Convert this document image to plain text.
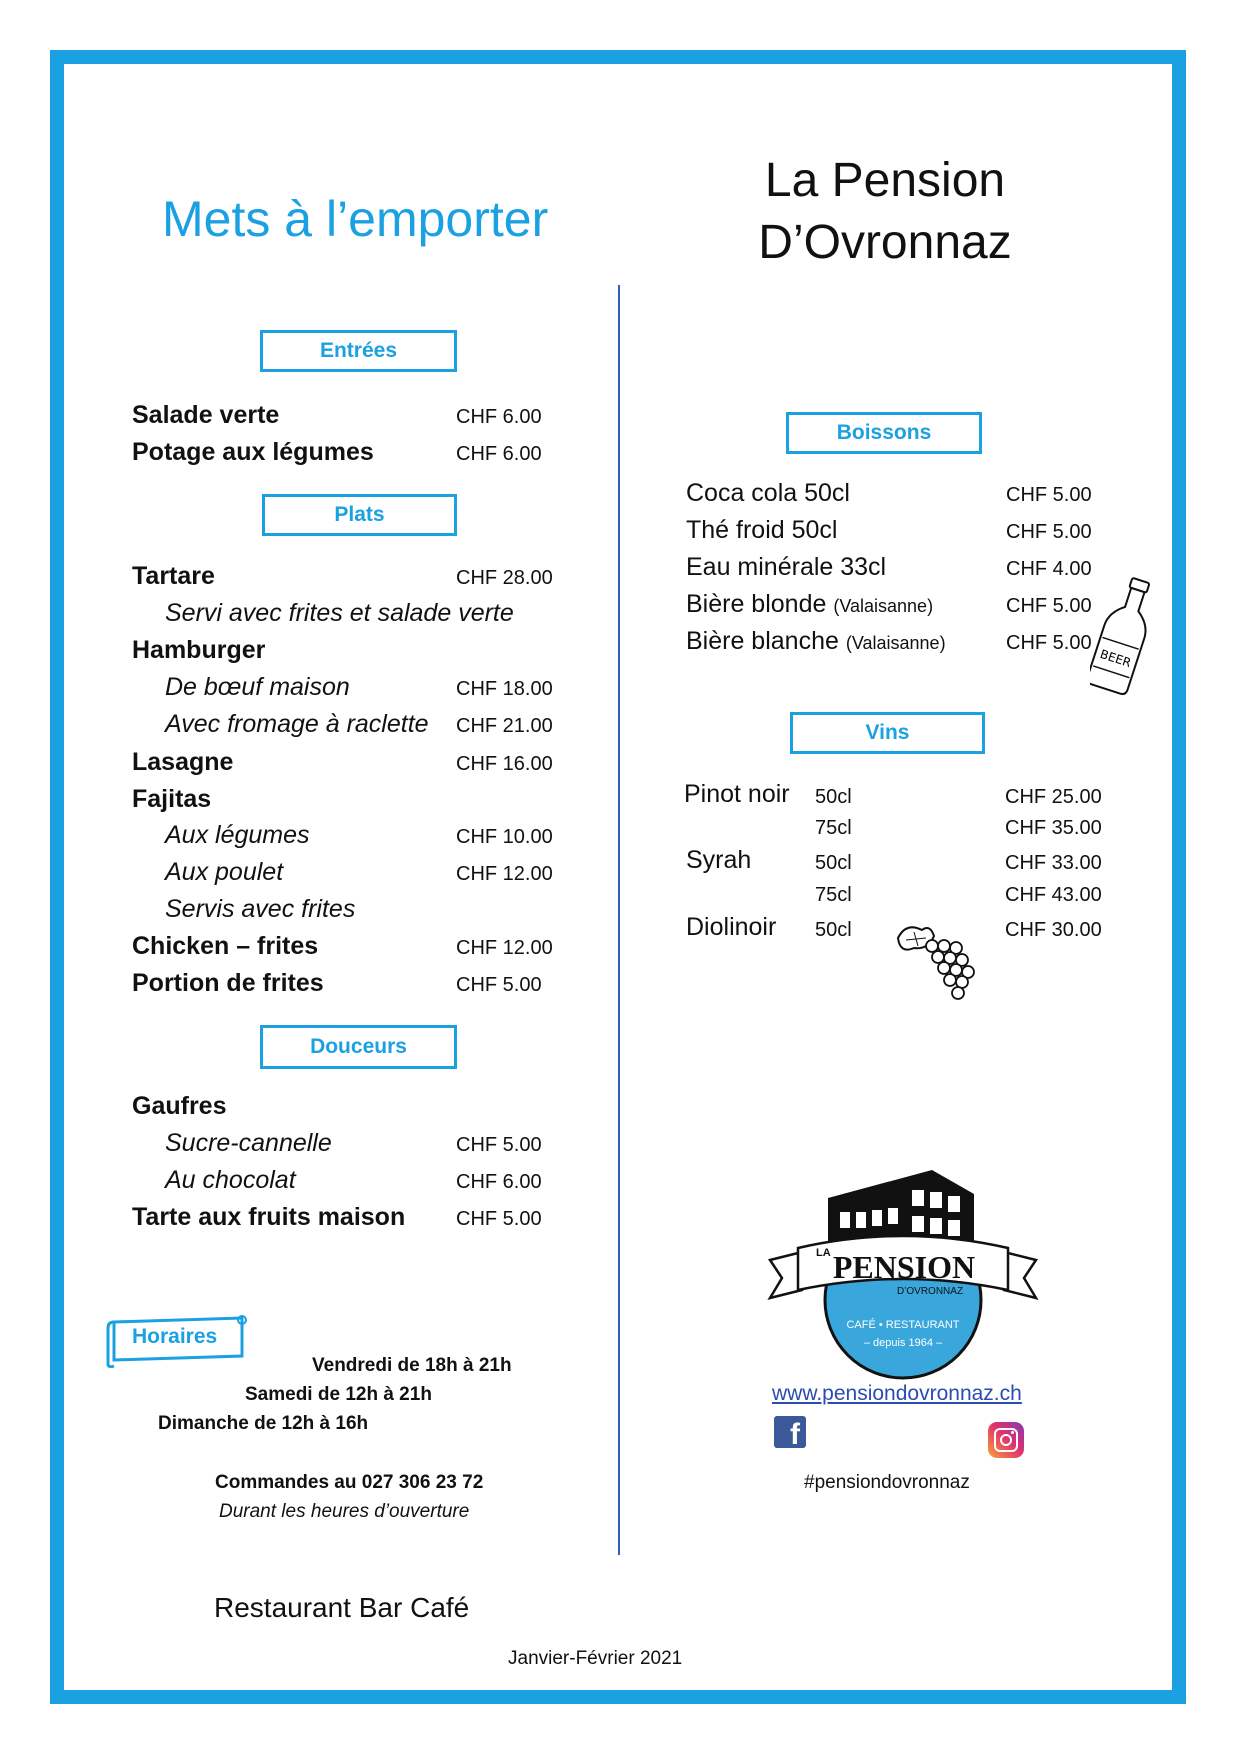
Mets à l’emporter
Entrées
Salade verte	CHF 6.00
Potage aux légumes	CHF 6.00
Plats
Tartare	CHF 28.00
Servi avec frites et salade verte
Hamburger
De bœuf maison	CHF 18.00
Avec fromage à raclette CHF 21.00
Lasagne	CHF 16.00
Fajitas
Aux légumes	CHF 10.00
Aux poulet	CHF 12.00
Servis avec frites
Chicken – frites	CHF 12.00
Portion de frites	CHF 5.00
Douceurs
Gaufres
Sucre-cannelle	CHF 5.00
Au chocolat	CHF 6.00
Tarte aux fruits maison	CHF 5.00
Horaires
Vendredi de 18h à 21h
Samedi de 12h à 21h
Dimanche de 12h à 16h
Commandes au 027 306 23 72
Durant les heures d’ouverture
Restaurant Bar Café
Janvier-Février 2021
La Pension
D’Ovronnaz
Boissons
Coca cola 50cl	CHF 5.00
Thé froid 50cl	CHF 5.00
Eau minérale 33cl	CHF 4.00
Bière blonde (Valaisanne)	CHF 5.00
Bière blanche (Valaisanne)	CHF 5.00
BEER
Vins
Pinot noir 50cl	CHF 25.00
75cl	CHF 35.00
Syrah	50cl	CHF 33.00
75cl	CHF 43.00
Diolinoir 50cl	CHF 30.00
LA PENSION
D’OVRONNAZ
CAFÉ • RESTAURANT
– depuis 1964 –
www.pensiondovronnaz.ch
f
#pensiondovronnaz
